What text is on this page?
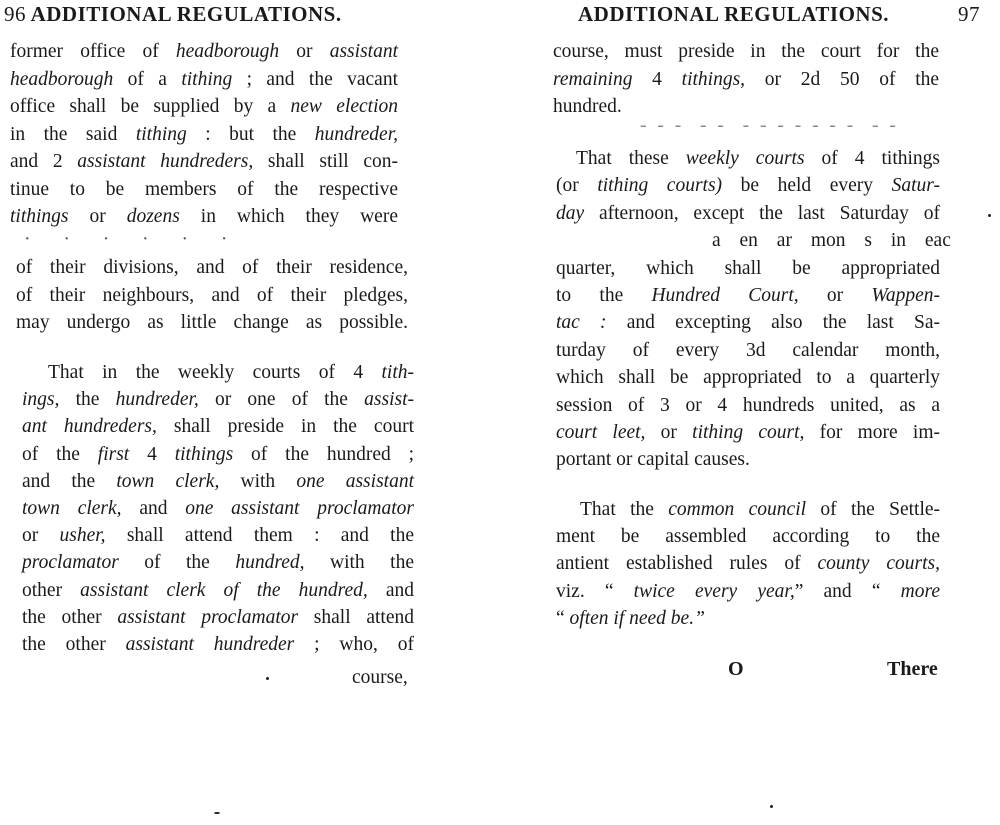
96 ADDITIONAL REGULATIONS.
former office of headborough or assistant
headborough of a tithing ; and the vacant
office shall be supplied by a new election
in the said tithing : but the hundreder,
and 2 assistant hundreders, shall still con-
tinue to be members of the respective
tithings or dozens in which they were
of their divisions, and of their residence,
of their neighbours, and of their pledges,
may undergo as little change as possible.
That in the weekly courts of 4 tith-
ings, the hundreder, or one of the assist-
ant hundreders, shall preside in the court
of the first 4 tithings of the hundred ;
and the town clerk, with one assistant
town clerk, and one assistant proclamator
or usher, shall attend them : and the
proclamator of the hundred, with the
other assistant clerk of the hundred, and
the other assistant proclamator shall attend
the other assistant hundreder ; who, of
· · · · · ·
course,
ADDITIONAL REGULATIONS.	97
course, must preside in the court for the
remaining 4 tithings, or 2d 50 of the
hundred.
That these weekly courts of 4 tithings
(or tithing courts) be held every Satur-
day afternoon, except the last Saturday of
a en ar mon s in eac
quarter, which shall be appropriated
to the Hundred Court, or Wappen-
tac : and excepting also the last Sa-
turday of every 3d calendar month,
which shall be appropriated to a quarterly
session of 3 or 4 hundreds united, as a
court leet, or tithing court, for more im-
portant or capital causes.
That the common council of the Settle-
ment be assembled according to the
antient established rules of county courts,
viz. “ twice every year,” and “ more
“ often if need be.”
- - -  - -  - - - - - - -  - -
O	There
